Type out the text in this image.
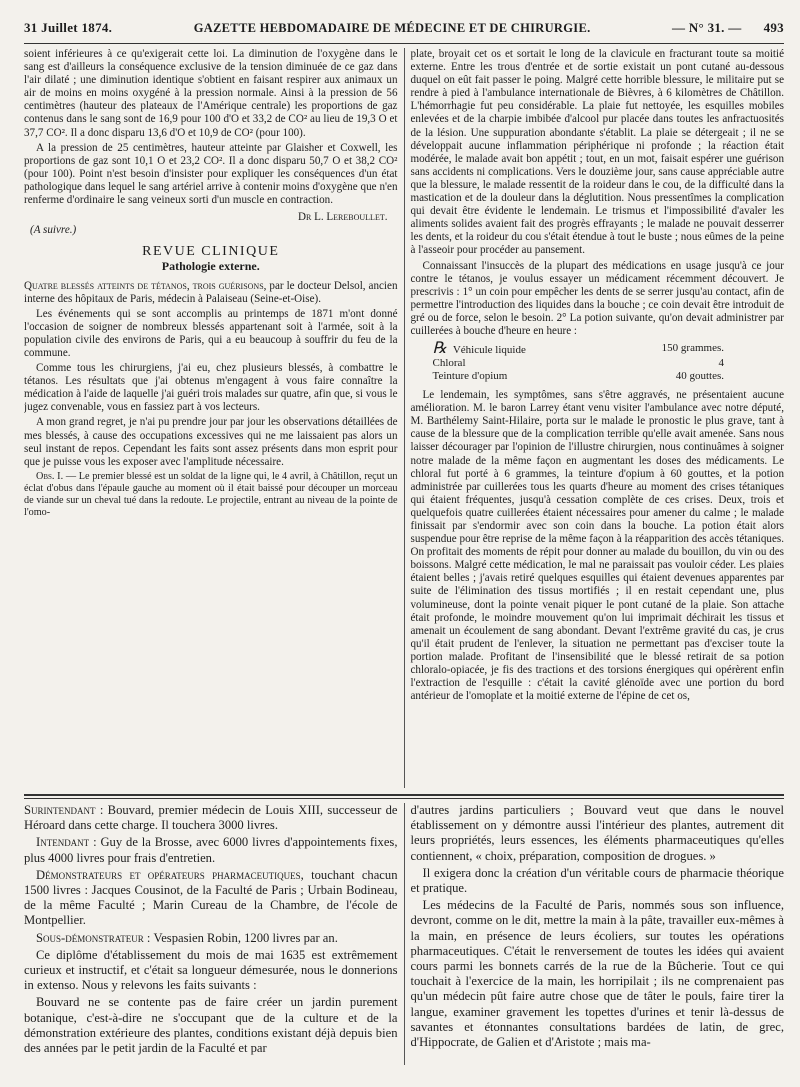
31 Juillet 1874.	GAZETTE HEBDOMADAIRE DE MÉDECINE ET DE CHIRURGIE.	— N° 31. — 493

soient inférieures à ce qu'exigerait cette loi. La diminution de l'oxygène dans le sang est d'ailleurs la conséquence exclusive de la tension diminuée de ce gaz dans l'air dilaté ; une diminution identique s'obtient en faisant respirer aux animaux un air de moins en moins oxygéné à la pression normale. Ainsi à la pression de 56 centimètres (hauteur des plateaux de l'Amérique centrale) les proportions de gaz contenus dans le sang sont de 16,9 pour 100 d'O et 33,2 de CO² au lieu de 19,3 O et 37,7 CO². Il a donc disparu 13,6 d'O et 10,9 de CO² (pour 100).

A la pression de 25 centimètres, hauteur atteinte par Glaisher et Coxwell, les proportions de gaz sont 10,1 O et 23,2 CO². Il a donc disparu 50,7 O et 38,2 CO² (pour 100). Point n'est besoin d'insister pour expliquer les conséquences d'un état pathologique dans lequel le sang artériel arrive à contenir moins d'oxygène que n'en renferme d'ordinaire le sang veineux sorti d'un muscle en contraction.

Dr L. Lereboullet.
(A suivre.)
REVUE CLINIQUE
Pathologie externe.

Quatre blessés atteints de tétanos, trois guérisons, par le docteur Delsol, ancien interne des hôpitaux de Paris, médecin à Palaiseau (Seine-et-Oise).

Les événements qui se sont accomplis au printemps de 1871 m'ont donné l'occasion de soigner de nombreux blessés appartenant soit à l'armée, soit à la population civile des environs de Paris, qui a eu beaucoup à souffrir du feu de la commune.

Comme tous les chirurgiens, j'ai eu, chez plusieurs blessés, à combattre le tétanos. Les résultats que j'ai obtenus m'engagent à vous faire connaître la médication à l'aide de laquelle j'ai guéri trois malades sur quatre, afin que, si vous le jugez convenable, vous en fassiez part à vos lecteurs.

A mon grand regret, je n'ai pu prendre jour par jour les observations détaillées de mes blessés, à cause des occupations excessives qui ne me laissaient pas alors un seul instant de repos. Cependant les faits sont assez présents dans mon esprit pour que je puisse vous les exposer avec l'amplitude nécessaire.

Obs. I. — Le premier blessé est un soldat de la ligne qui, le 4 avril, à Châtillon, reçut un éclat d'obus dans l'épaule gauche au moment où il était baissé pour découper un morceau de viande sur un cheval tué dans la redoute. Le projectile, entrant au niveau de la pointe de l'omo-

plate, broyait cet os et sortait le long de la clavicule en fracturant toute sa moitié externe. Entre les trous d'entrée et de sortie existait un pont cutané au-dessous duquel on eût fait passer le poing. Malgré cette horrible blessure, le militaire put se rendre à pied à l'ambulance internationale de Bièvres, à 6 kilomètres de Châtillon. L'hémorrhagie fut peu considérable. La plaie fut nettoyée, les esquilles mobiles enlevées et de la charpie imbibée d'alcool pur placée dans toutes les anfractuosités de la lésion. Une suppuration abondante s'établit. La plaie se détergeait ; il ne se développait aucune inflammation périphérique ni profonde ; la réaction était modérée, le malade avait bon appétit ; tout, en un mot, faisait espérer une guérison sans accidents ni complications. Vers le douzième jour, sans cause appréciable autre que la blessure, le malade ressentit de la roideur dans le cou, de la difficulté dans la mastication et de la douleur dans la déglutition. Nous pressentîmes la complication qui devait être évidente le lendemain. Le trismus et l'impossibilité d'avaler les aliments solides avaient fait des progrès effrayants ; le malade ne pouvait desserrer les dents, et la roideur du cou s'était étendue à tout le buste ; nous eûmes de la peine à l'asseoir pour procéder au pansement.

Connaissant l'insuccès de la plupart des médications en usage jusqu'à ce jour contre le tétanos, je voulus essayer un médicament récemment découvert. Je prescrivis : 1° un coin pour empêcher les dents de se serrer jusqu'au contact, afin de permettre l'introduction des liquides dans la bouche ; ce coin devait être introduit de gré ou de force, selon le besoin. 2° La potion suivante, qu'on devait administrer par cuillerées à bouche d'heure en heure :

℞ Véhicule liquide	150 grammes.
Chloral	4
Teinture d'opium	40 gouttes.

Le lendemain, les symptômes, sans s'être aggravés, ne présentaient aucune amélioration. M. le baron Larrey étant venu visiter l'ambulance avec notre député, M. Barthélemy Saint-Hilaire, porta sur le malade le pronostic le plus grave, tant à cause de la blessure que de la complication terrible qu'elle avait amenée. Sans nous laisser décourager par l'opinion de l'illustre chirurgien, nous continuâmes à soigner notre malade de la même façon en augmentant les doses des médicaments. Le chloral fut porté à 6 grammes, la teinture d'opium à 60 gouttes, et la potion administrée par cuillerées tous les quarts d'heure au moment des crises tétaniques qui étaient fréquentes, jusqu'à cessation complète de ces crises. Deux, trois et quelquefois quatre cuillerées étaient nécessaires pour amener du calme ; le malade finissait par s'endormir avec son coin dans la bouche. La potion était alors suspendue pour être reprise de la même façon à la réapparition des accès tétaniques. On profitait des moments de répit pour donner au malade du bouillon, du vin ou des boissons. Malgré cette médication, le mal ne paraissait pas vouloir céder. Les plaies étaient belles ; j'avais retiré quelques esquilles qui étaient devenues apparentes par suite de l'élimination des tissus mortifiés ; il en restait cependant une, plus volumineuse, dont la pointe venait piquer le pont cutané de la plaie. Son attache était profonde, le moindre mouvement qu'on lui imprimait déchirait les tissus et amenait un écoulement de sang abondant. Devant l'extrême gravité du cas, je crus qu'il était prudent de l'enlever, la situation ne permettant pas d'exciser toute la portion malade. Profitant de l'insensibilité que le blessé retirait de sa potion chloralo-opiacée, je fis des tractions et des torsions énergiques qui opérèrent enfin l'extraction de l'esquille : c'était la cavité glénoïde avec une portion du bord antérieur de l'omoplate et la moitié externe de l'épine de cet os,

Surintendant : Bouvard, premier médecin de Louis XIII, successeur de Héroard dans cette charge. Il touchera 3000 livres.

Intendant : Guy de la Brosse, avec 6000 livres d'appointements fixes, plus 4000 livres pour frais d'entretien.

Démonstrateurs et opérateurs pharmaceutiques, touchant chacun 1500 livres : Jacques Cousinot, de la Faculté de Paris ; Urbain Bodineau, de la même Faculté ; Marin Cureau de la Chambre, de l'école de Montpellier.

Sous-démonstrateur : Vespasien Robin, 1200 livres par an.

Ce diplôme d'établissement du mois de mai 1635 est extrêmement curieux et instructif, et c'était sa longueur démesurée, nous le donnerions in extenso. Nous y relevons les faits suivants :

Bouvard ne se contente pas de faire créer un jardin purement botanique, c'est-à-dire ne s'occupant que de la culture et de la démonstration extérieure des plantes, conditions existant déjà depuis bien des années par le petit jardin de la Faculté et par

d'autres jardins particuliers ; Bouvard veut que dans le nouvel établissement on y démontre aussi l'intérieur des plantes, autrement dit leurs propriétés, leurs essences, les éléments pharmaceutiques qu'elles contiennent, « choix, préparation, composition de drogues. »

Il exigera donc la création d'un véritable cours de pharmacie théorique et pratique.

Les médecins de la Faculté de Paris, nommés sous son influence, devront, comme on le dit, mettre la main à la pâte, travailler eux-mêmes à la main, en présence de leurs écoliers, sur toutes les opérations pharmaceutiques. C'était le renversement de toutes les idées qui avaient cours parmi les bonnets carrés de la rue de la Bûcherie. Tout ce qui touchait à l'exercice de la main, les horripilait ; ils ne comprenaient pas qu'un médecin pût faire autre chose que de tâter le pouls, faire tirer la langue, examiner gravement les topettes d'urines et tenir là-dessus de savantes et étonnantes consultations bardées de latin, de grec, d'Hippocrate, de Galien et d'Aristote ; mais ma-
